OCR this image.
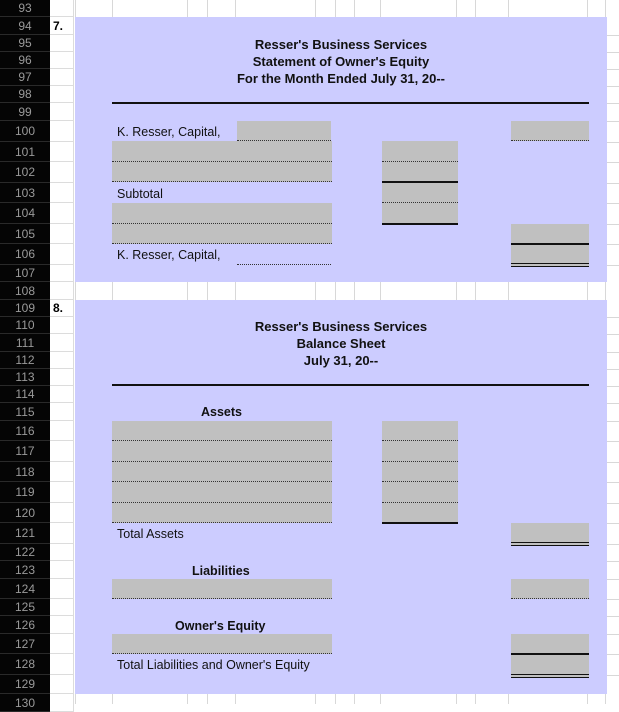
93
94
95
96
97
98
99
100
101
102
103
104
105
106
107
108
109
110
111
112
113
114
115
116
117
118
119
120
121
122
123
124
125
126
127
128
129
130
7.
8.
Resser's Business Services
Statement of Owner's Equity
For the Month Ended July 31, 20--
K. Resser, Capital,
Subtotal
K. Resser, Capital,
Resser's Business Services
Balance Sheet
July 31, 20--
Assets
Total Assets
Liabilities
Owner's Equity
Total Liabilities and Owner's Equity
